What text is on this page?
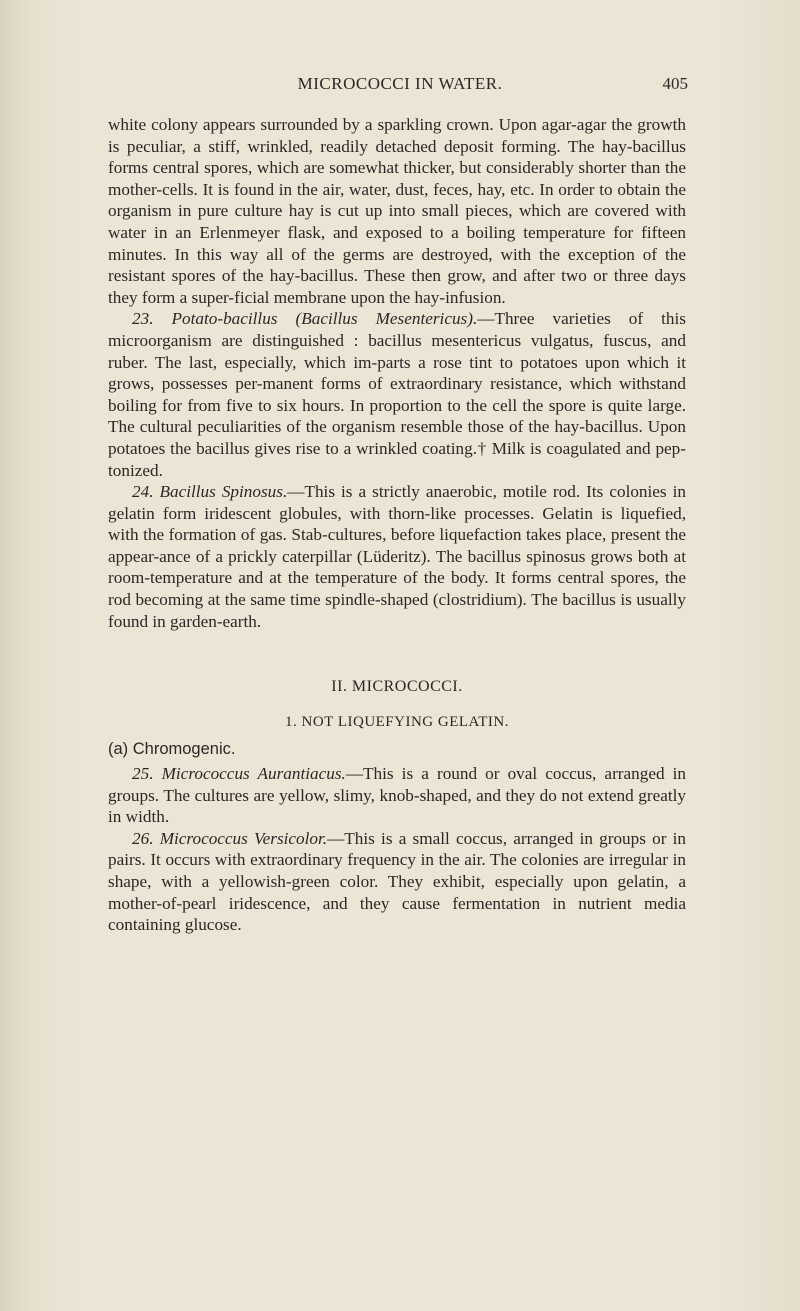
MICROCOCCI IN WATER.	405

white colony appears surrounded by a sparkling crown. Upon agar-agar the growth is peculiar, a stiff, wrinkled, readily detached deposit forming. The hay-bacillus forms central spores, which are somewhat thicker, but considerably shorter than the mother-cells. It is found in the air, water, dust, feces, hay, etc. In order to obtain the organism in pure culture hay is cut up into small pieces, which are covered with water in an Erlenmeyer flask, and exposed to a boiling temperature for fifteen minutes. In this way all of the germs are destroyed, with the exception of the resistant spores of the hay-bacillus. These then grow, and after two or three days they form a super-ficial membrane upon the hay-infusion.

23. Potato-bacillus (Bacillus Mesentericus).—Three varieties of this microorganism are distinguished : bacillus mesentericus vulgatus, fuscus, and ruber. The last, especially, which im-parts a rose tint to potatoes upon which it grows, possesses per-manent forms of extraordinary resistance, which withstand boiling for from five to six hours. In proportion to the cell the spore is quite large. The cultural peculiarities of the organism resemble those of the hay-bacillus. Upon potatoes the bacillus gives rise to a wrinkled coating.† Milk is coagulated and pep-tonized.

24. Bacillus Spinosus.—This is a strictly anaerobic, motile rod. Its colonies in gelatin form iridescent globules, with thorn-like processes. Gelatin is liquefied, with the formation of gas. Stab-cultures, before liquefaction takes place, present the appear-ance of a prickly caterpillar (Lüderitz). The bacillus spinosus grows both at room-temperature and at the temperature of the body. It forms central spores, the rod becoming at the same time spindle-shaped (clostridium). The bacillus is usually found in garden-earth.

II. MICROCOCCI.
1. NOT LIQUEFYING GELATIN.
(a) Chromogenic.

25. Micrococcus Aurantiacus.—This is a round or oval coccus, arranged in groups. The cultures are yellow, slimy, knob-shaped, and they do not extend greatly in width.

26. Micrococcus Versicolor.—This is a small coccus, arranged in groups or in pairs. It occurs with extraordinary frequency in the air. The colonies are irregular in shape, with a yellowish-green color. They exhibit, especially upon gelatin, a mother-of-pearl iridescence, and they cause fermentation in nutrient media containing glucose.
